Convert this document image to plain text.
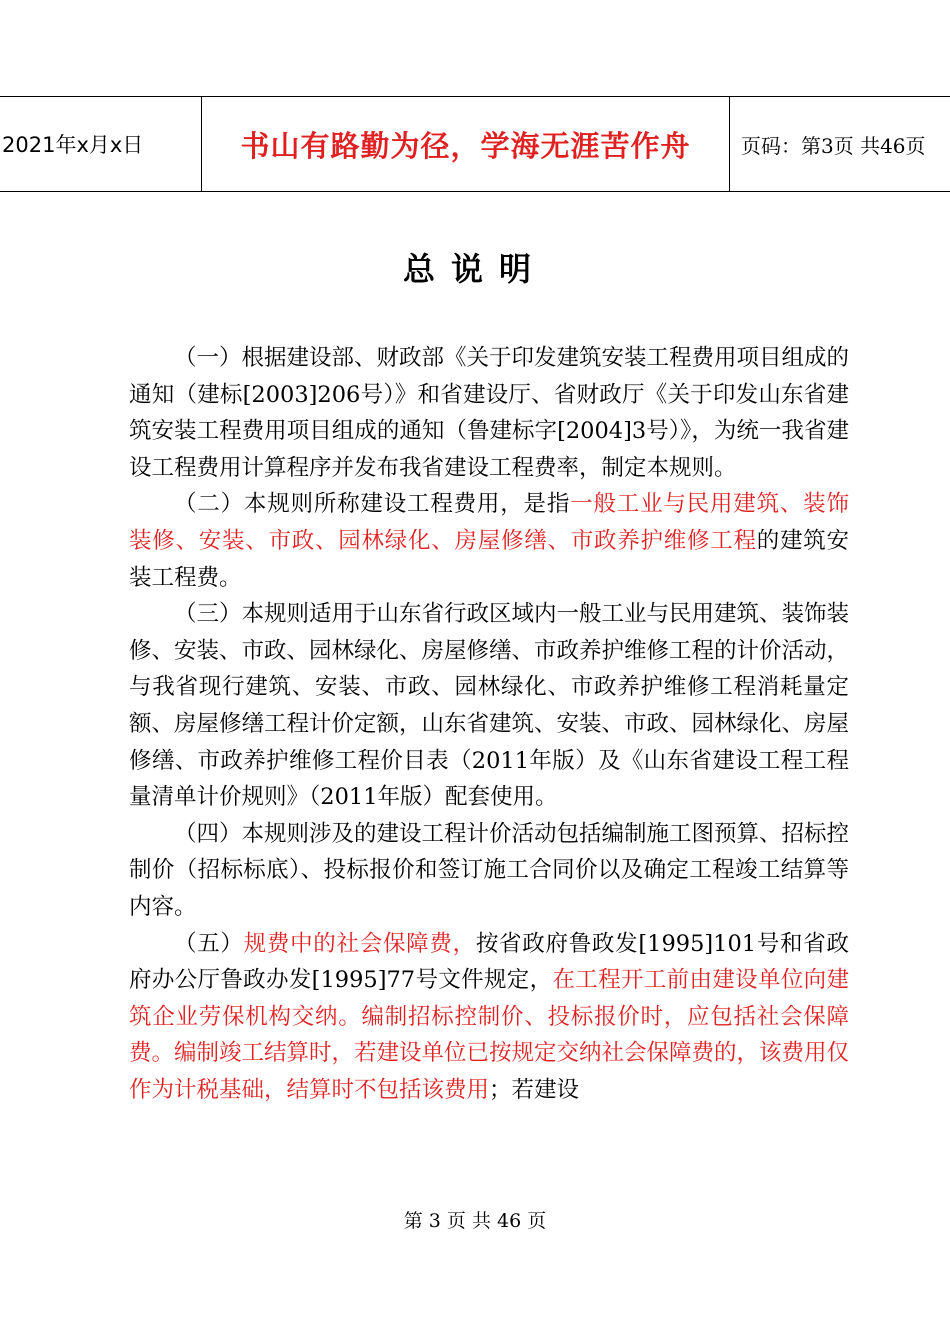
2021年x月x日	书山有路勤为径，学海无涯苦作舟	页码：第3页 共46页
总说明

（一）根据建设部、财政部《关于印发建筑安装工程费用项目组成的通知（建标[2003]206号）》和省建设厅、省财政厅《关于印发山东省建筑安装工程费用项目组成的通知（鲁建标字[2004]3号）》，为统一我省建设工程费用计算程序并发布我省建设工程费率，制定本规则。

（二）本规则所称建设工程费用，是指一般工业与民用建筑、装饰装修、安装、市政、园林绿化、房屋修缮、市政养护维修工程的建筑安装工程费。

（三）本规则适用于山东省行政区域内一般工业与民用建筑、装饰装修、安装、市政、园林绿化、房屋修缮、市政养护维修工程的计价活动，与我省现行建筑、安装、市政、园林绿化、市政养护维修工程消耗量定额、房屋修缮工程计价定额，山东省建筑、安装、市政、园林绿化、房屋修缮、市政养护维修工程价目表（2011年版）及《山东省建设工程工程量清单计价规则》（2011年版）配套使用。

（四）本规则涉及的建设工程计价活动包括编制施工图预算、招标控制价（招标标底）、投标报价和签订施工合同价以及确定工程竣工结算等内容。

（五）规费中的社会保障费，按省政府鲁政发[1995]101号和省政府办公厅鲁政办发[1995]77号文件规定，在工程开工前由建设单位向建筑企业劳保机构交纳。编制招标控制价、投标报价时，应包括社会保障费。编制竣工结算时，若建设单位已按规定交纳社会保障费的，该费用仅作为计税基础，结算时不包括该费用；若建设

第 3 页 共 46 页
